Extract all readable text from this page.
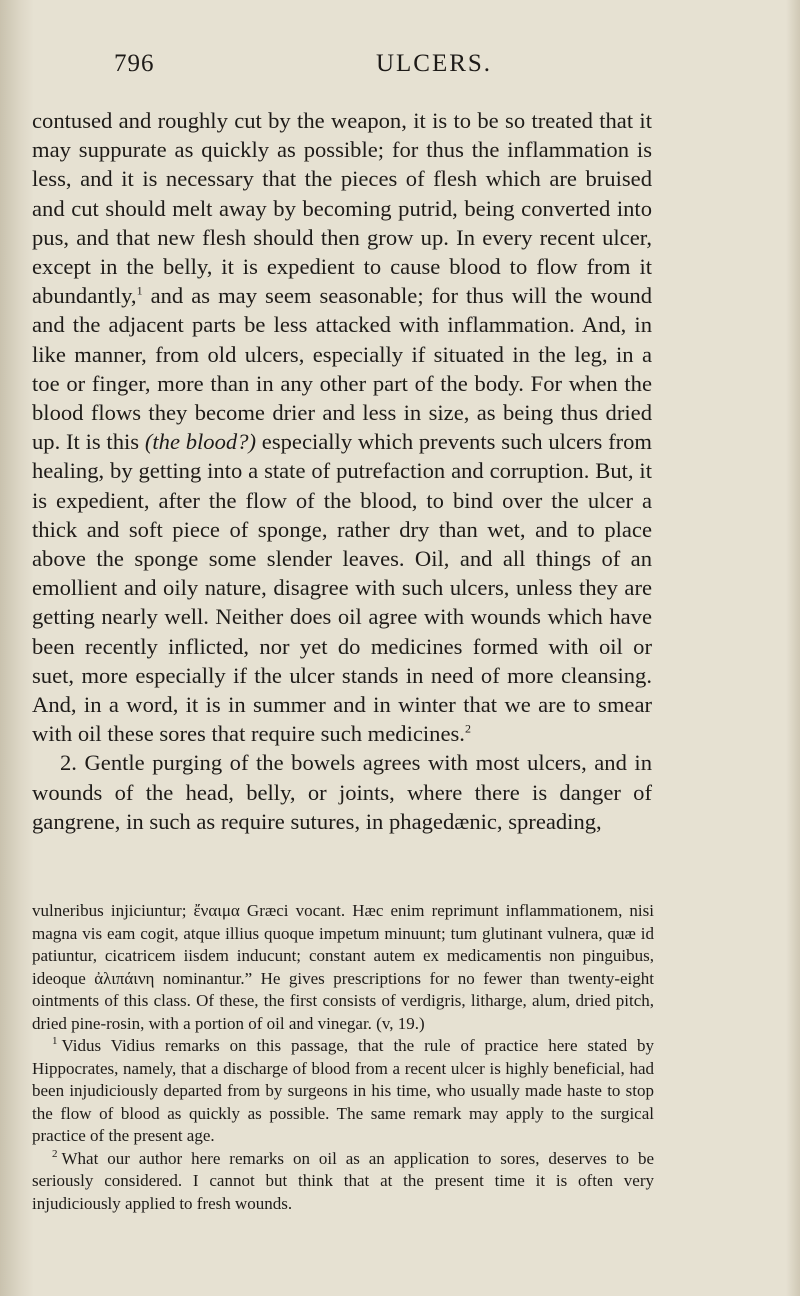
796	ULCERS.

contused and roughly cut by the weapon, it is to be so treated that it may suppurate as quickly as possible; for thus the inflammation is less, and it is necessary that the pieces of flesh which are bruised and cut should melt away by becoming putrid, being converted into pus, and that new flesh should then grow up. In every recent ulcer, except in the belly, it is expedient to cause blood to flow from it abundantly,$^1$ and as may seem seasonable; for thus will the wound and the adjacent parts be less attacked with inflammation. And, in like manner, from old ulcers, especially if situated in the leg, in a toe or finger, more than in any other part of the body. For when the blood flows they become drier and less in size, as being thus dried up. It is this (the blood?) especially which prevents such ulcers from healing, by getting into a state of putrefaction and corruption. But, it is expedient, after the flow of the blood, to bind over the ulcer a thick and soft piece of sponge, rather dry than wet, and to place above the sponge some slender leaves. Oil, and all things of an emollient and oily nature, disagree with such ulcers, unless they are getting nearly well. Neither does oil agree with wounds which have been recently inflicted, nor yet do medicines formed with oil or suet, more especially if the ulcer stands in need of more cleansing. And, in a word, it is in summer and in winter that we are to smear with oil these sores that require such medicines.$^2$

2. Gentle purging of the bowels agrees with most ulcers, and in wounds of the head, belly, or joints, where there is danger of gangrene, in such as require sutures, in phagedænic, spreading,

vulneribus injiciuntur; ἔναιμα Græci vocant. Hæc enim reprimunt inflammationem, nisi magna vis eam cogit, atque illius quoque impetum minuunt; tum glutinant vulnera, quæ id patiuntur, cicatricem iisdem inducunt; constant autem ex medicamentis non pinguibus, ideoque ἀλιπάινη nominantur.” He gives prescriptions for no fewer than twenty-eight ointments of this class. Of these, the first consists of verdigris, litharge, alum, dried pitch, dried pine-rosin, with a portion of oil and vinegar. (v, 19.)

$^1$ Vidus Vidius remarks on this passage, that the rule of practice here stated by Hippocrates, namely, that a discharge of blood from a recent ulcer is highly beneficial, had been injudiciously departed from by surgeons in his time, who usually made haste to stop the flow of blood as quickly as possible. The same remark may apply to the surgical practice of the present age.

$^2$ What our author here remarks on oil as an application to sores, deserves to be seriously considered. I cannot but think that at the present time it is often very injudiciously applied to fresh wounds.
